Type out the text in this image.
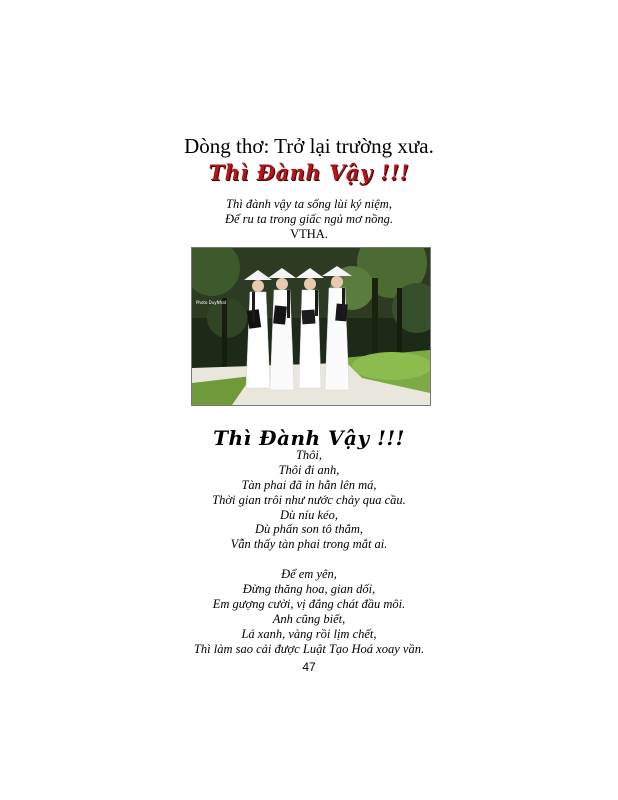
Dòng thơ: Trở lại trường xưa.
Thì Đành Vậy !!!
Thì đành vậy ta sống lùi ký niệm,
Để ru ta trong giấc ngủ mơ nồng.
VTHA.
Photo DuyNhat
Thì Đành Vậy !!!
Thôi,
Thôi đi anh,
Tàn phai đã in hằn lên má,
Thời gian trôi như nước chảy qua cầu.
Dù níu kéo,
Dù phấn son tô thắm,
Vẫn thấy tàn phai trong mắt ai.
Để em yên,
Đừng thăng hoa, gian dối,
Em gượng cười, vị đắng chát đầu môi.
Anh cũng biết,
Lá xanh, vàng rồi lịm chết,
Thì làm sao cải được Luật Tạo Hoá xoay vần.
47
